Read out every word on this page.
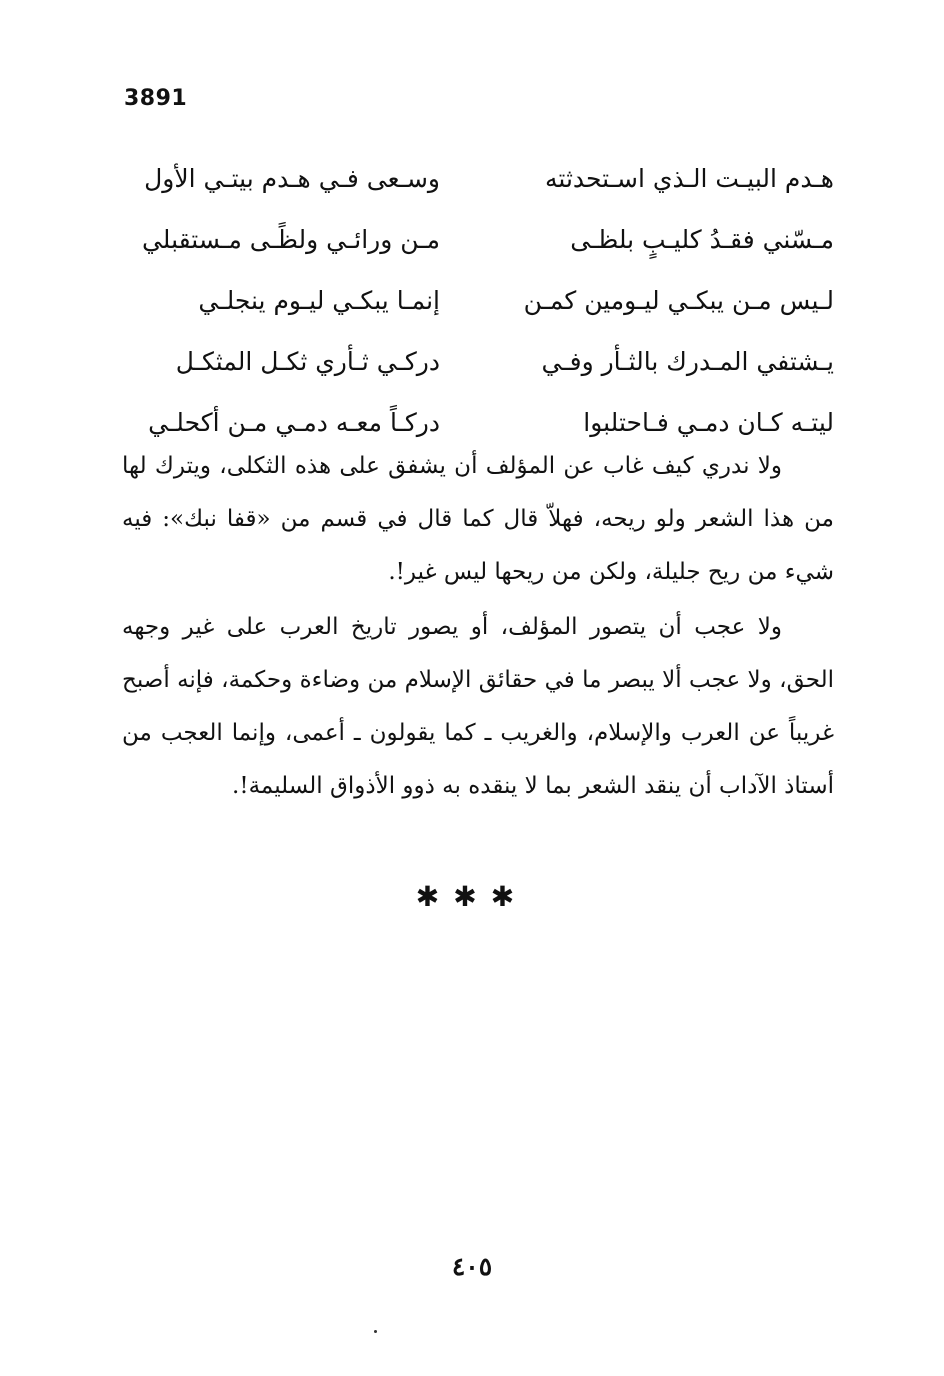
3891
هـدم البيـت الـذي اسـتحدثته
وسـعى فـي هـدم بيتـي الأول
مـسّني فقـدُ كليـبٍ بلظـى
مـن ورائـي ولظًـى مـستقبلي
لـيس مـن يبكـي ليـومين كمـن
إنمـا يبكـي ليـوم ينجلـي
يـشتفي المـدرك بالثـأر وفـي
دركـي ثـأري ثكـل المثكـل
ليتـه كـان دمـي فـاحتلبوا
دركـاً معـه دمـي مـن أكحلـي

ولا ندري كيف غاب عن المؤلف أن يشفق على هذه الثكلى، ويترك لها من هذا الشعر ولو ريحه، فهلاّ قال كما قال في قسم من «قفا نبك»: فيه شيء من ريح جليلة، ولكن من ريحها ليس غير!.

ولا عجب أن يتصور المؤلف، أو يصور تاريخ العرب على غير وجهه الحق، ولا عجب ألا يبصر ما في حقائق الإسلام من وضاءة وحكمة، فإنه أصبح غريباً عن العرب والإسلام، والغريب ـ كما يقولون ـ أعمى، وإنما العجب من أستاذ الآداب أن ينقد الشعر بما لا ينقده به ذوو الأذواق السليمة!.

✱✱✱
٤٠٥
